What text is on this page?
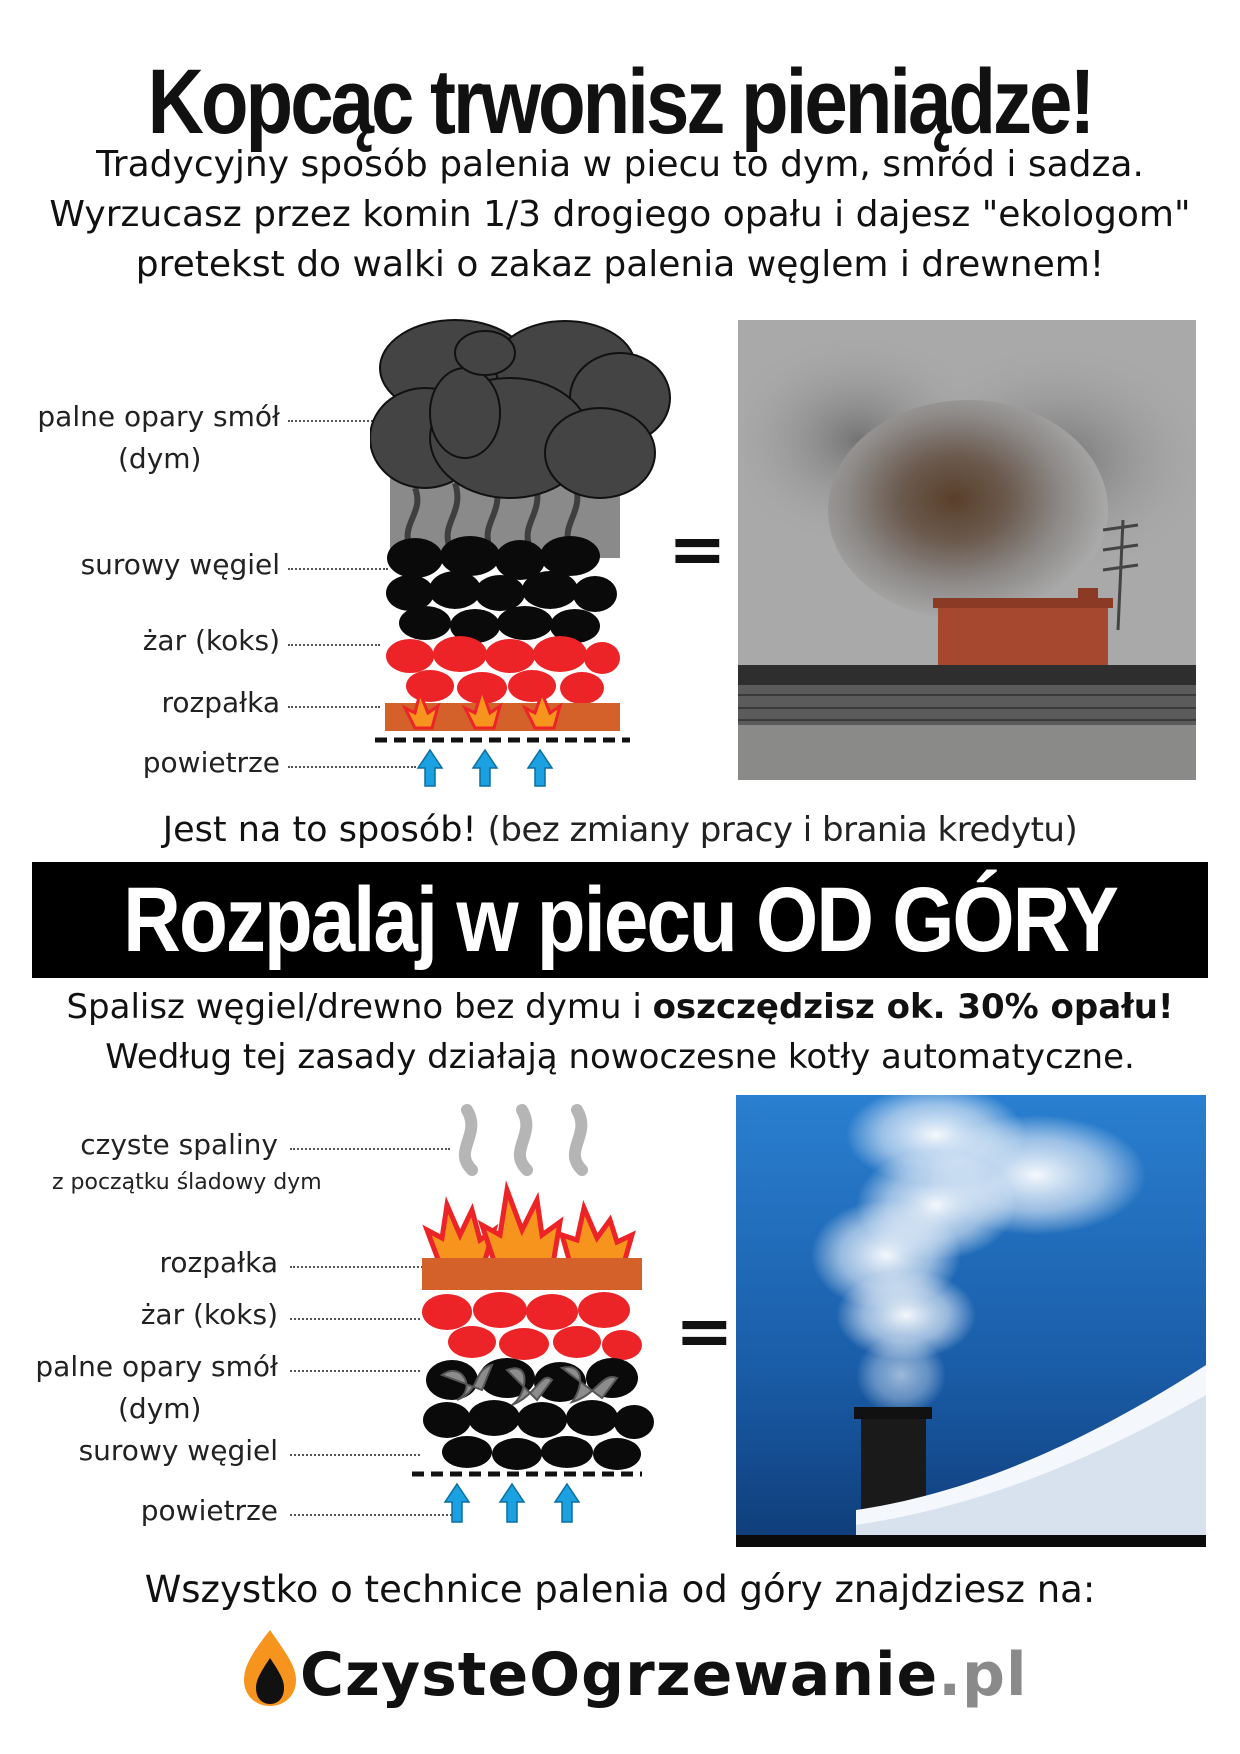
Kopcąc trwonisz pieniądze!
Tradycyjny sposób palenia w piecu to dym, smród i sadza.
Wyrzucasz przez komin 1/3 drogiego opału i dajesz "ekologom"
pretekst do walki o zakaz palenia węglem i drewnem!
palne opary smół
(dym)
surowy węgiel
żar (koks)
rozpałka
powietrze
=
Jest na to sposób! (bez zmiany pracy i brania kredytu)
Rozpalaj w piecu OD GÓRY
Spalisz węgiel/drewno bez dymu i oszczędzisz ok. 30% opału!
Według tej zasady działają nowoczesne kotły automatyczne.
czyste spaliny
z początku śladowy dym
rozpałka
żar (koks)
palne opary smół
(dym)
surowy węgiel
powietrze
=
Wszystko o technice palenia od góry znajdziesz na:
CzysteOgrzewanie.pl
